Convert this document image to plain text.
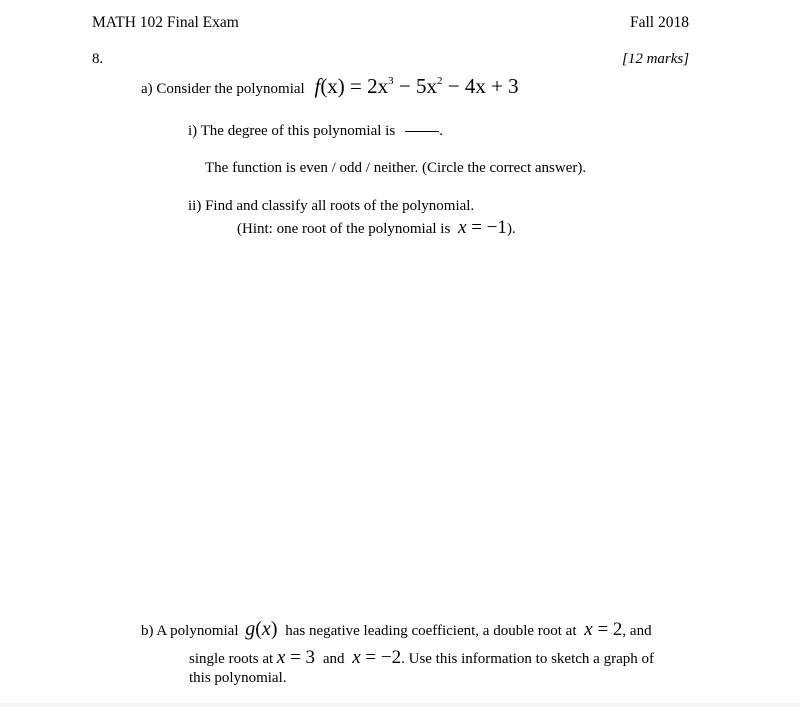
MATH 102 Final Exam	Fall 2018
8.	[12 marks]
a) Consider the polynomial $f(x) = 2x^3 - 5x^2 - 4x + 3$
i) The degree of this polynomial is	.
The function is even / odd / neither. (Circle the correct answer).
ii) Find and classify all roots of the polynomial.
(Hint: one root of the polynomial is x = −1).
b) A polynomial g(x) has negative leading coefficient, a double root at x = 2, and
single roots at x = 3 and x = −2. Use this information to sketch a graph of
this polynomial.
